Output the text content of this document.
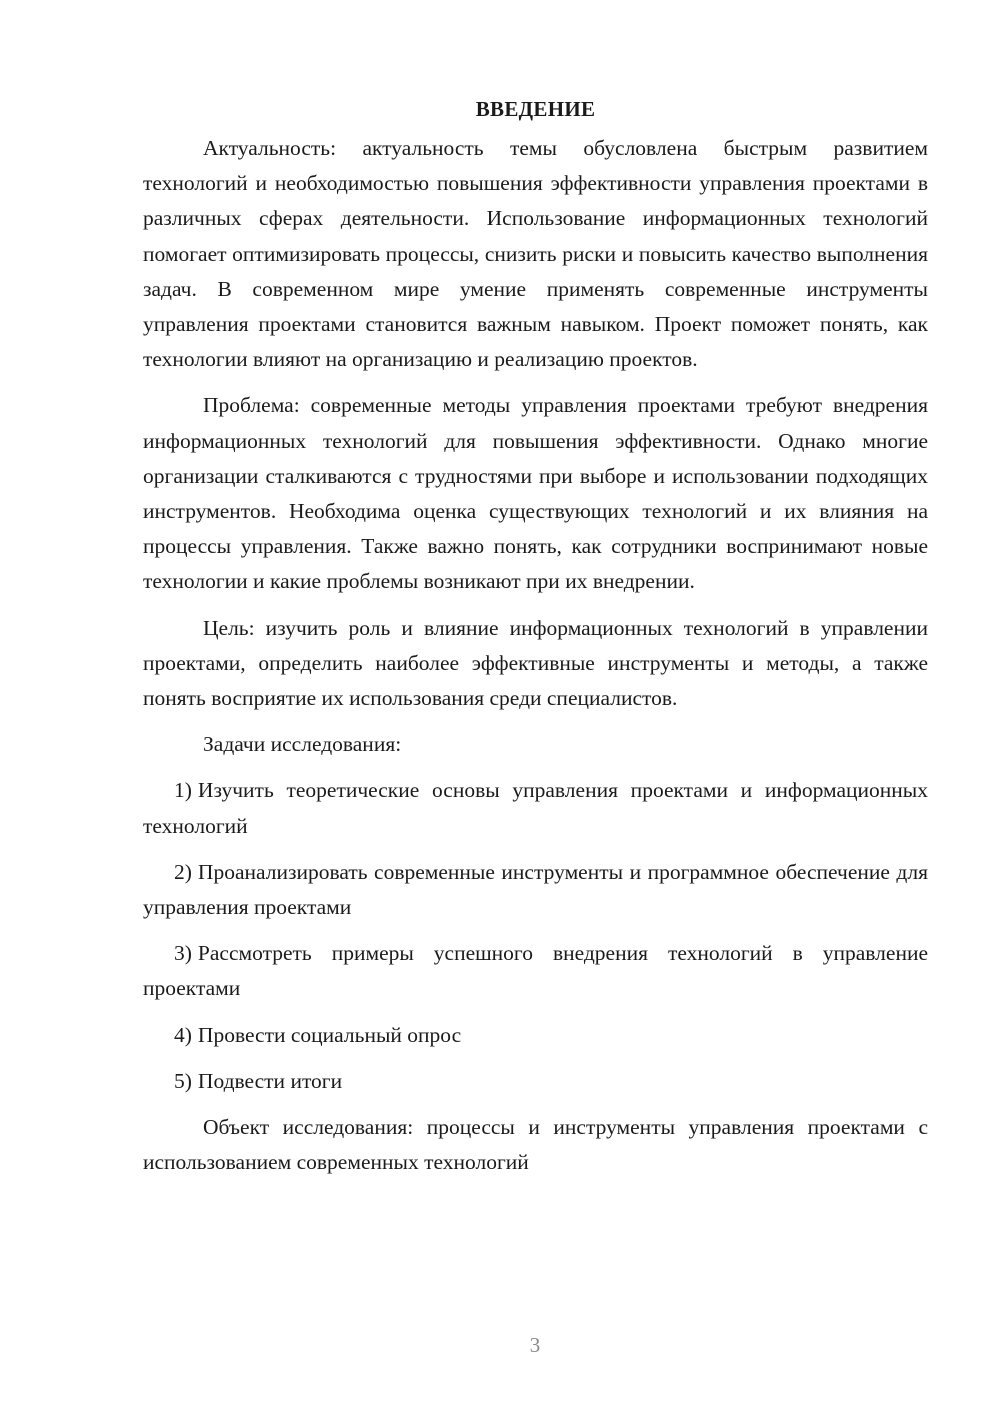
ВВЕДЕНИЕ

Актуальность: актуальность темы обусловлена быстрым развитием технологий и необходимостью повышения эффективности управления проектами в различных сферах деятельности. Использование информационных технологий помогает оптимизировать процессы, снизить риски и повысить качество выполнения задач. В современном мире умение применять современные инструменты управления проектами становится важным навыком. Проект поможет понять, как технологии влияют на организацию и реализацию проектов.

Проблема: современные методы управления проектами требуют внедрения информационных технологий для повышения эффективности. Однако многие организации сталкиваются с трудностями при выборе и использовании подходящих инструментов. Необходима оценка существующих технологий и их влияния на процессы управления. Также важно понять, как сотрудники воспринимают новые технологии и какие проблемы возникают при их внедрении.

Цель: изучить роль и влияние информационных технологий в управлении проектами, определить наиболее эффективные инструменты и методы, а также понять восприятие их использования среди специалистов.

Задачи исследования:

1) Изучить теоретические основы управления проектами и информационных технологий

2) Проанализировать современные инструменты и программное обеспечение для управления проектами

3) Рассмотреть примеры успешного внедрения технологий в управление проектами

4) Провести социальный опрос

5) Подвести итоги

Объект исследования: процессы и инструменты управления проектами с использованием современных технологий

3
